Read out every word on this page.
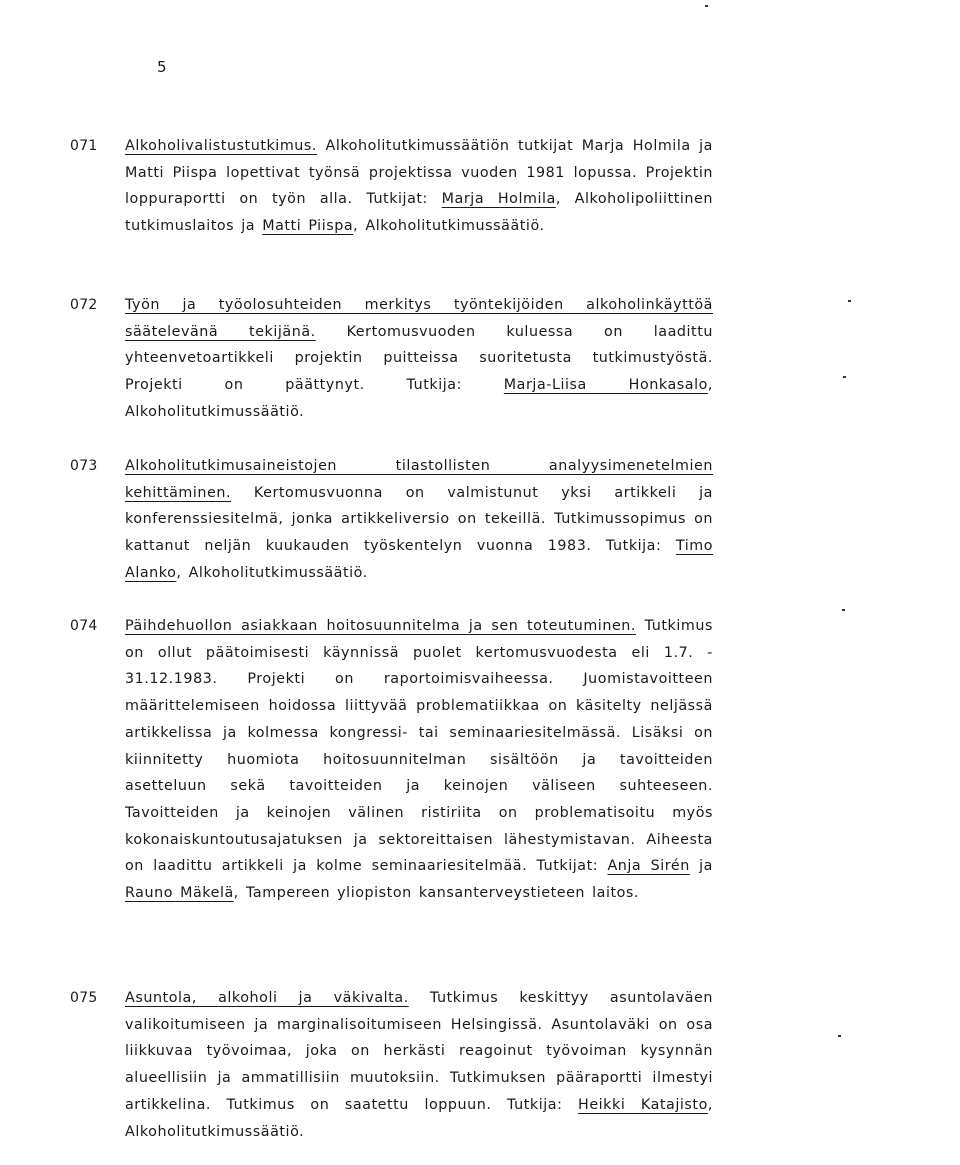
5
071 Alkoholivalistustutkimus. Alkoholitutkimussäätiön tutkijat Marja Holmila ja Matti Piispa lopettivat työnsä projektissa vuoden 1981 lopussa. Projektin loppuraportti on työn alla. Tutkijat: Marja Holmila, Alkoholipoliittinen tutkimuslaitos ja Matti Piispa, Alkoholitutkimussäätiö.
072 Työn ja työolosuhteiden merkitys työntekijöiden alkoholinkäyttöä säätelevänä tekijänä. Kertomusvuoden kuluessa on laadittu yhteenvetoartikkeli projektin puitteissa suoritetusta tutkimustyöstä. Projekti on päättynyt. Tutkija: Marja-Liisa Honkasalo, Alkoholitutkimussäätiö.
073 Alkoholitutkimusaineistojen tilastollisten analyysimenetelmien kehittäminen. Kertomusvuonna on valmistunut yksi artikkeli ja konferenssiesitelmä, jonka artikkeliversio on tekeillä. Tutkimussopimus on kattanut neljän kuukauden työskentelyn vuonna 1983. Tutkija: Timo Alanko, Alkoholitutkimussäätiö.
074 Päihdehuollon asiakkaan hoitosuunnitelma ja sen toteutuminen. Tutkimus on ollut päätoimisesti käynnissä puolet kertomusvuodesta eli 1.7. - 31.12.1983. Projekti on raportoimisvaiheessa. Juomistavoitteen määrittelemiseen hoidossa liittyvää problematiikkaa on käsitelty neljässä artikkelissa ja kolmessa kongressi- tai seminaariesitelmässä. Lisäksi on kiinnitetty huomiota hoitosuunnitelman sisältöön ja tavoitteiden asetteluun sekä tavoitteiden ja keinojen väliseen suhteeseen. Tavoitteiden ja keinojen välinen ristiriita on problematisoitu myös kokonaiskuntoutusajatuksen ja sektoreittaisen lähestymistavan. Aiheesta on laadittu artikkeli ja kolme seminaariesitelmää. Tutkijat: Anja Sirén ja Rauno Mäkelä, Tampereen yliopiston kansanterveystieteen laitos.
075 Asuntola, alkoholi ja väkivalta. Tutkimus keskittyy asuntolaväen valikoitumiseen ja marginalisoitumiseen Helsingissä. Asuntolaväki on osa liikkuvaa työvoimaa, joka on herkästi reagoinut työvoiman kysynnän alueellisiin ja ammatillisiin muutoksiin. Tutkimuksen pääraportti ilmestyi artikkelina. Tutkimus on saatettu loppuun. Tutkija: Heikki Katajisto, Alkoholitutkimussäätiö.
